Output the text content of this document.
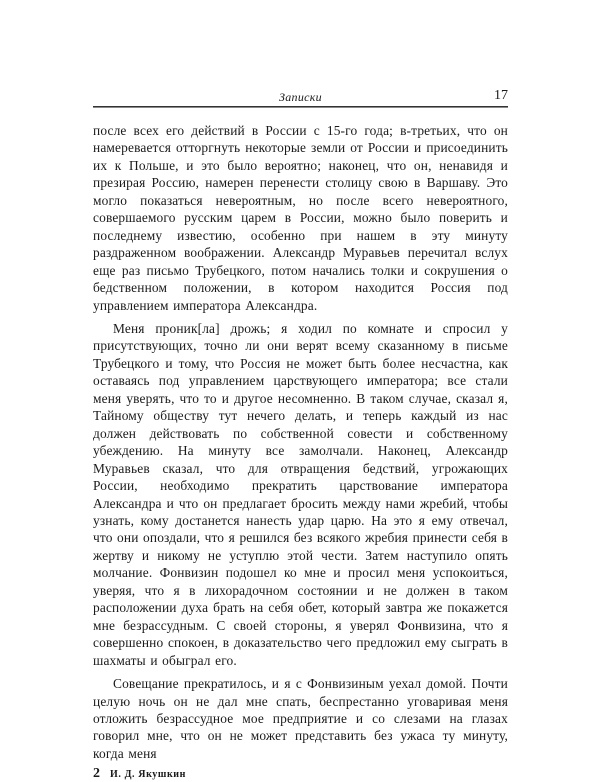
Записки	17

после всех его действий в России с 15-го года; в-третьих, что он намеревается отторгнуть некоторые земли от России и присоединить их к Польше, и это было вероятно; наконец, что он, ненавидя и презирая Россию, намерен перенести столицу свою в Варшаву. Это могло показаться невероятным, но после всего невероятного, совершаемого русским царем в России, можно было поверить и последнему известию, особенно при нашем в эту минуту раздраженном воображении. Александр Муравьев перечитал вслух еще раз письмо Трубецкого, потом начались толки и сокрушения о бедственном положении, в котором находится Россия под управлением императора Александра.

Меня проник[ла] дрожь; я ходил по комнате и спросил у присутствующих, точно ли они верят всему сказанному в письме Трубецкого и тому, что Россия не может быть более несчастна, как оставаясь под управлением царствующего императора; все стали меня уверять, что то и другое несомненно. В таком случае, сказал я, Тайному обществу тут нечего делать, и теперь каждый из нас должен действовать по собственной совести и собственному убеждению. На минуту все замолчали. Наконец, Александр Муравьев сказал, что для отвращения бедствий, угрожающих России, необходимо прекратить царствование императора Александра и что он предлагает бросить между нами жребий, чтобы узнать, кому достанется нанесть удар царю. На это я ему отвечал, что они опоздали, что я решился без всякого жребия принести себя в жертву и никому не уступлю этой чести. Затем наступило опять молчание. Фонвизин подошел ко мне и просил меня успокоиться, уверяя, что я в лихорадочном состоянии и не должен в таком расположении духа брать на себя обет, который завтра же покажется мне безрассудным. С своей стороны, я уверял Фонвизина, что я совершенно спокоен, в доказательство чего предложил ему сыграть в шахматы и обыграл его.

Совещание прекратилось, и я с Фонвизиным уехал домой. Почти целую ночь он не дал мне спать, беспрестанно уговаривая меня отложить безрассудное мое предприятие и со слезами на глазах говорил мне, что он не может представить без ужаса ту минуту, когда меня

2 И. Д. Якушкин
